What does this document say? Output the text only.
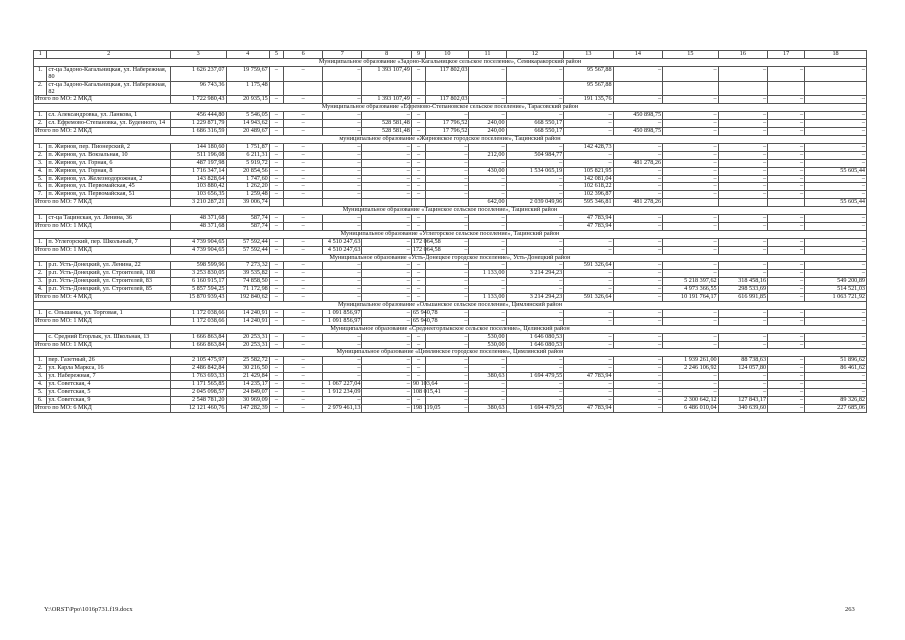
1	2	3	4	5	6	7	8	9	10	11	12	13	14	15	16	17	18
Муниципальное образование «Задоно-Кагальницкое сельское поселение», Семикаракорский район																	
1.	ст-ца Задоно-Кагальницкая, ул. Набережная, 80	1 626 237,07	19 759,67	–	–	–	1 393 107,49	–	117 802,03	–	–	95 567,88	–	–	–	–	–
2.	ст-ца Задоно-Кагальницкая, ул. Набережная, 82	96 743,36	1 175,48									95 567,88					
Итого по МО: 2 МКД		1 722 980,43	20 935,15	–	–	–	1 393 107,49	–	117 802,03	–	–	191 135,76	–	–	–	–	–
Муниципальное образование «Ефремово-Степановское сельское поселение», Тарасовский район																	
1.	сл. Александровка, ул. Ланкова, 1	456 444,80	5 546,05	–	–	–	–	–	–	–	–	–	450 898,75	–	–	–	–
2.	сл. Ефремово-Степановка, ул. Буденного, 14	1 229 871,79	14 943,62	–	–	–	528 581,48	–	17 796,52	240,00	668 550,17	–	–	–	–	–	–
Итого по МО: 2 МКД		1 686 316,59	20 489,67	–	–	–	528 581,48	–	17 796,52	240,00	668 550,17	–	450 898,75	–	–	–	–
муниципальное образование «Жирновское городское поселение», Тацинский район																	
1.	п. Жирнов, пер. Пионерский, 2	144 180,60	1 751,87	–	–	–	–	–	–	–	–	142 428,73	–	–	–	–	–
2.	п. Жирнов, ул. Вокзальная, 10	511 196,08	6 211,31	–	–	–	–	–	–	212,00	504 984,77	–	–	–	–	–	–
3.	п. Жирнов, ул. Горная, 6	487 197,98	5 919,72	–	–	–	–	–	–	–	–	–	481 278,26	–	–	–	–
4.	п. Жирнов, ул. Горная, 8	1 716 347,14	20 854,56	–	–	–	–	–	–	430,00	1 534 065,19	105 821,95	–	–	–	–	55 605,44
5.	п. Жирнов, ул. Железнодорожная, 2	143 828,64	1 747,60	–	–	–	–	–	–	–	–	142 081,04	–	–	–	–	–
6.	п. Жирнов, ул. Первомайская, 45	103 880,42	1 262,20	–	–	–	–	–	–	–	–	102 618,22	–	–	–	–	–
7.	п. Жирнов, ул. Первомайская, 51	103 656,35	1 259,48	–	–	–	–	–	–	–	–	102 396,87	–	–	–	–	–
Итого по МО: 7 МКД		3 210 287,21	39 006,74							642,00	2 039 049,96	595 346,81	481 278,26				55 605,44
Муниципальное образование «Тацинское сельское поселение», Тацинский район																	
1.	ст-ца Тацинская, ул. Ленина, 36	48 371,68	587,74	–	–	–	–	–	–	–	–	47 783,94	–	–	–	–	–
Итого по МО: 1 МКД		48 371,68	587,74	–	–	–	–	–	–	–	–	47 783,94	–	–	–	–	–
Муниципальное образование «Углегорское сельское поселение», Тацинский район																	
1.	п. Углегорский, пер. Школьный, 7	4 739 904,65	57 592,44	–	–	4 510 247,63	–	172 064,58	–	–	–	–	–	–	–	–	–
Итого по МО: 1 МКД		4 739 904,65	57 592,44	–	–	4 510 247,63	–	172 064,58	–	–	–	–	–	–	–	–	–
Муниципальное образование «Усть-Донецкое городское поселение», Усть-Донецкий район																	
1.	р.п. Усть-Донецкий, ул. Ленина, 22	598 599,96	7 273,32	–	–	–	–	–	–	–	–	591 326,64	–	–	–	–	–
2.	р.п. Усть-Донецкий, ул. Строителей, 108	3 253 830,05	39 535,82	–	–	–	–	–	–	1 133,00	3 214 294,23	–	–	–	–	–	–
3.	р.п. Усть-Донецкий, ул. Строителей, 83	6 160 915,17	74 858,50	–	–	–	–	–	–	–	–	–	–	5 218 397,62	318 458,16	–	549 200,89
4.	р.п. Усть-Донецкий, ул. Строителей, 85	5 857 594,25	71 172,98	–	–	–	–	–	–	–	–	–	–	4 973 366,55	298 533,69	–	514 521,03
Итого по МО: 4 МКД		15 870 939,43	192 840,62	–	–	–	–	–	–	1 133,00	3 214 294,23	591 326,64	–	10 191 764,17	616 991,85	–	1 063 721,92
Муниципальное образование «Ольшанское сельское поселение», Цимлянский район																	
1.	с. Ольшанка, ул. Торговая, 1	1 172 038,66	14 240,91	–	–	1 091 856,97	–	65 940,78	–	–	–	–	–	–	–	–	–
Итого по МО: 1 МКД		1 172 038,66	14 240,91	–	–	1 091 856,97	–	65 940,78	–	–	–	–	–	–	–	–	–
Муниципальное образование «Среднеегорлыкское сельское поселение», Целинский район																	
	с. Средний Егорлык, ул. Школьная, 13	1 666 863,84	20 253,31	–	–	–	–	–	–	530,00	1 646 080,53	–	–	–	–	–	–
Итого по МО: 1 МКД		1 666 863,84	20 253,31	–	–	–	–	–	–	530,00	1 646 080,53	–	–	–	–	–	–
Муниципальное образование «Цимлянское городское поселение», Цимлянский район																	
1.	пер. Газетный, 26	2 105 475,97	25 582,72	–	–	–	–	–	–	–	–	–	–	1 939 261,00	88 738,63	–	51 896,62
2.	ул. Карла Маркса, 16	2 486 842,84	30 216,50	–	–	–	–	–	–	–	–	–	–	2 246 106,92	124 057,80	–	86 461,62
3.	ул. Набережная, 7	1 763 693,33	21 429,84	–	–	–	–	–	–	380,63	1 694 479,55	47 783,94	–	–	–	–	–
4.	ул. Советская, 4	1 171 565,85	14 235,17	–	–	1 067 227,04	–	90 103,64	–	–	–	–	–	–	–	–	–
5.	ул. Советская, 5	2 045 098,57	24 849,07	–	–	1 912 234,09	–	108 015,41	–	–	–	–	–	–	–	–	–
6.	ул. Советская, 9	2 548 781,20	30 969,09	–	–	–	–	–	–	–	–	–	–	2 300 642,12	127 843,17	–	89 326,82
Итого по МО: 6 МКД		12 121 460,76	147 282,39	–	–	2 979 461,13	–	198 119,05	–	380,63	1 694 479,55	47 783,94	–	6 486 010,04	340 639,60	–	227 685,06
Y:\ORST\Ppo\1016p731.f19.docx	263
